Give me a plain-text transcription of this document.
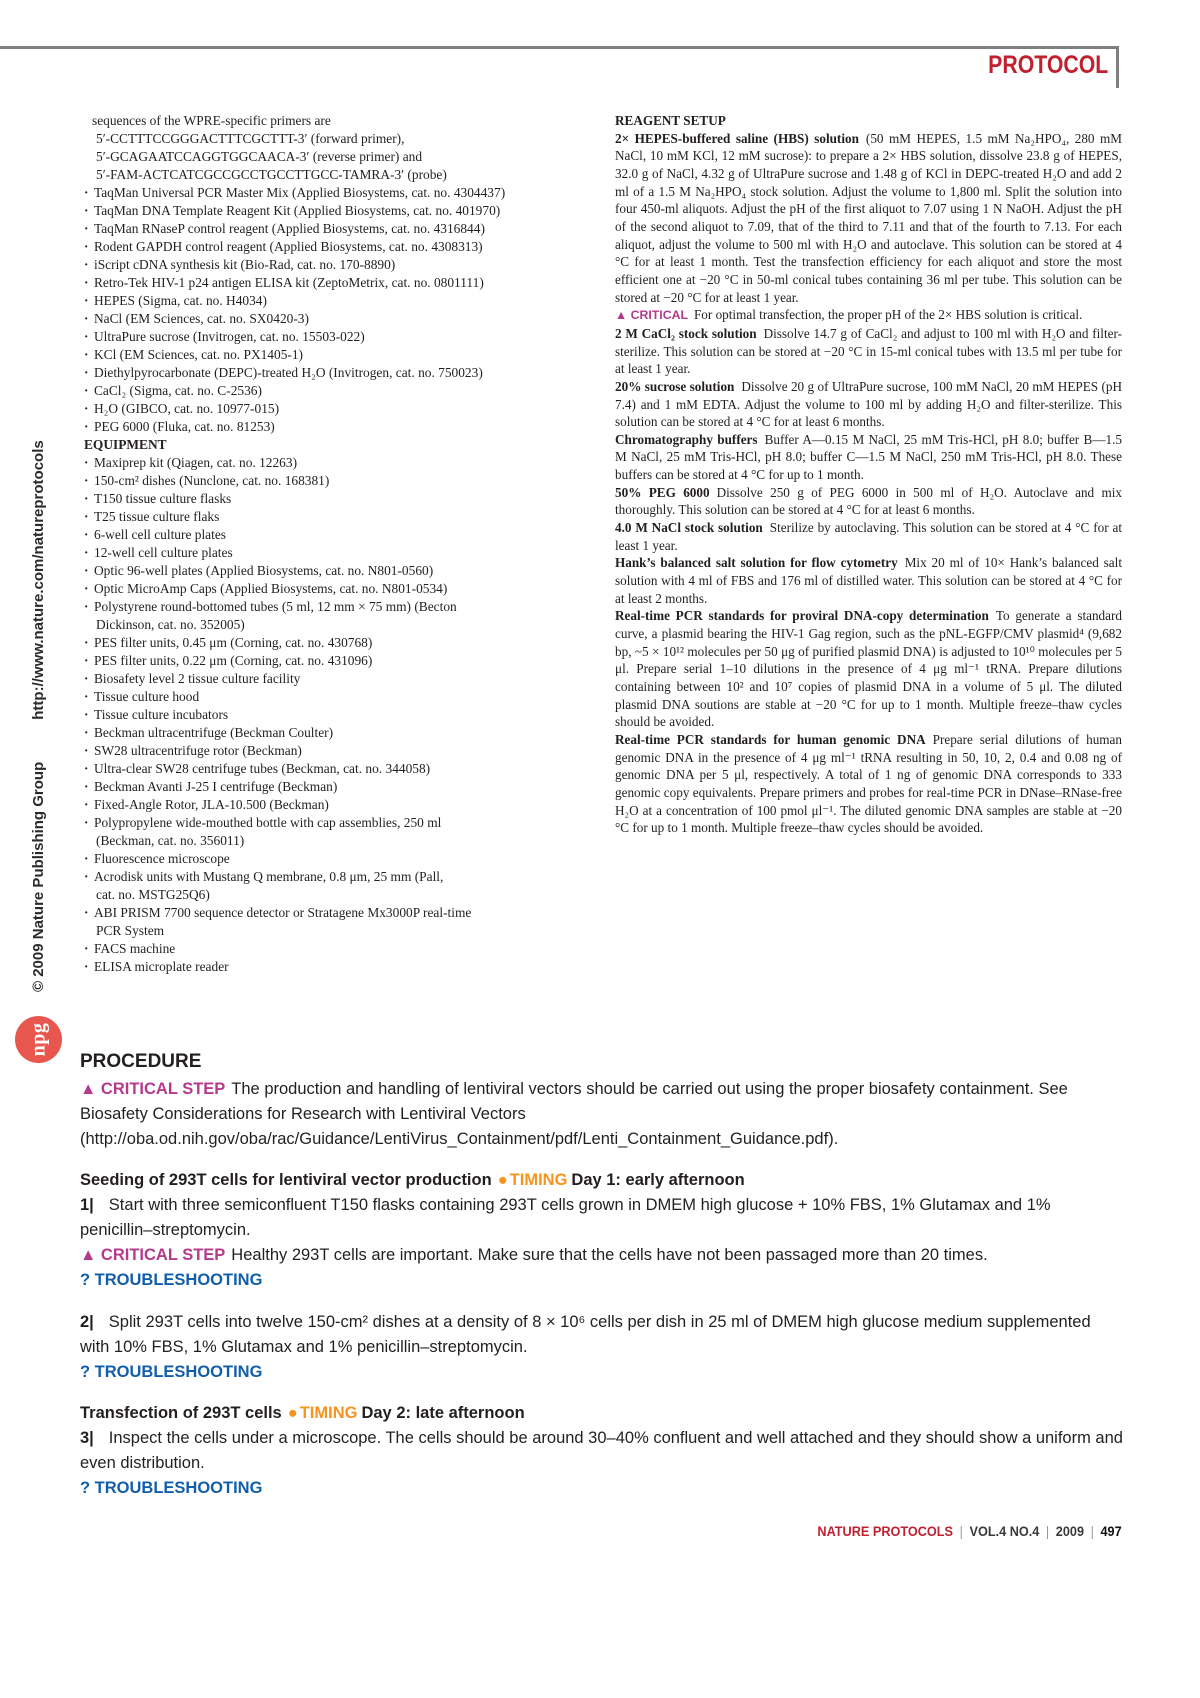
PROTOCOL
© 2009 Nature Publishing Grouphttp://www.nature.com/natureprotocols
npg
sequences of the WPRE-specific primers are
5′-CCTTTCCGGGACTTTCGCTTT-3′ (forward primer),
5′-GCAGAATCCAGGTGGCAACA-3′ (reverse primer) and
5′-FAM-ACTCATCGCCGCCTGCCTTGCC-TAMRA-3′ (probe)
· TaqMan Universal PCR Master Mix (Applied Biosystems, cat. no. 4304437)
· TaqMan DNA Template Reagent Kit (Applied Biosystems, cat. no. 401970)
· TaqMan RNaseP control reagent (Applied Biosystems, cat. no. 4316844)
· Rodent GAPDH control reagent (Applied Biosystems, cat. no. 4308313)
· iScript cDNA synthesis kit (Bio-Rad, cat. no. 170-8890)
· Retro-Tek HIV-1 p24 antigen ELISA kit (ZeptoMetrix, cat. no. 0801111)
· HEPES (Sigma, cat. no. H4034)
· NaCl (EM Sciences, cat. no. SX0420-3)
· UltraPure sucrose (Invitrogen, cat. no. 15503-022)
· KCl (EM Sciences, cat. no. PX1405-1)
· Diethylpyrocarbonate (DEPC)-treated H₂O (Invitrogen, cat. no. 750023)
· CaCl₂ (Sigma, cat. no. C-2536)
· H₂O (GIBCO, cat. no. 10977-015)
· PEG 6000 (Fluka, cat. no. 81253)
EQUIPMENT
· Maxiprep kit (Qiagen, cat. no. 12263)
· 150-cm² dishes (Nunclone, cat. no. 168381)
· T150 tissue culture flasks
· T25 tissue culture flaks
· 6-well cell culture plates
· 12-well cell culture plates
· Optic 96-well plates (Applied Biosystems, cat. no. N801-0560)
· Optic MicroAmp Caps (Applied Biosystems, cat. no. N801-0534)
· Polystyrene round-bottomed tubes (5 ml, 12 mm × 75 mm) (Becton
Dickinson, cat. no. 352005)
· PES filter units, 0.45 μm (Corning, cat. no. 430768)
· PES filter units, 0.22 μm (Corning, cat. no. 431096)
· Biosafety level 2 tissue culture facility
· Tissue culture hood
· Tissue culture incubators
· Beckman ultracentrifuge (Beckman Coulter)
· SW28 ultracentrifuge rotor (Beckman)
· Ultra-clear SW28 centrifuge tubes (Beckman, cat. no. 344058)
· Beckman Avanti J-25 I centrifuge (Beckman)
· Fixed-Angle Rotor, JLA-10.500 (Beckman)
· Polypropylene wide-mouthed bottle with cap assemblies, 250 ml
(Beckman, cat. no. 356011)
· Fluorescence microscope
· Acrodisk units with Mustang Q membrane, 0.8 μm, 25 mm (Pall,
cat. no. MSTG25Q6)
· ABI PRISM 7700 sequence detector or Stratagene Mx3000P real-time
PCR System
· FACS machine
· ELISA microplate reader
REAGENT SETUP

2× HEPES-buffered saline (HBS) solution (50 mM HEPES, 1.5 mM Na₂HPO₄, 280 mM NaCl, 10 mM KCl, 12 mM sucrose): to prepare a 2× HBS solution, dissolve 23.8 g of HEPES, 32.0 g of NaCl, 4.32 g of UltraPure sucrose and 1.48 g of KCl in DEPC-treated H₂O and add 2 ml of a 1.5 M Na₂HPO₄ stock solution. Adjust the volume to 1,800 ml. Split the solution into four 450-ml aliquots. Adjust the pH of the first aliquot to 7.07 using 1 N NaOH. Adjust the pH of the second aliquot to 7.09, that of the third to 7.11 and that of the fourth to 7.13. For each aliquot, adjust the volume to 500 ml with H₂O and autoclave. This solution can be stored at 4 °C for at least 1 month. Test the transfection efficiency for each aliquot and store the most efficient one at −20 °C in 50-ml conical tubes containing 36 ml per tube. This solution can be stored at −20 °C for at least 1 year.

▲ CRITICAL For optimal transfection, the proper pH of the 2× HBS solution is critical.

2 M CaCl₂ stock solution Dissolve 14.7 g of CaCl₂ and adjust to 100 ml with H₂O and filter-sterilize. This solution can be stored at −20 °C in 15-ml conical tubes with 13.5 ml per tube for at least 1 year.

20% sucrose solution Dissolve 20 g of UltraPure sucrose, 100 mM NaCl, 20 mM HEPES (pH 7.4) and 1 mM EDTA. Adjust the volume to 100 ml by adding H₂O and filter-sterilize. This solution can be stored at 4 °C for at least 6 months.

Chromatography buffers Buffer A—0.15 M NaCl, 25 mM Tris-HCl, pH 8.0; buffer B—1.5 M NaCl, 25 mM Tris-HCl, pH 8.0; buffer C—1.5 M NaCl, 250 mM Tris-HCl, pH 8.0. These buffers can be stored at 4 °C for up to 1 month.

50% PEG 6000 Dissolve 250 g of PEG 6000 in 500 ml of H₂O. Autoclave and mix thoroughly. This solution can be stored at 4 °C for at least 6 months.

4.0 M NaCl stock solution Sterilize by autoclaving. This solution can be stored at 4 °C for at least 1 year.

Hank’s balanced salt solution for flow cytometry Mix 20 ml of 10× Hank’s balanced salt solution with 4 ml of FBS and 176 ml of distilled water. This solution can be stored at 4 °C for at least 2 months.

Real-time PCR standards for proviral DNA-copy determination To generate a standard curve, a plasmid bearing the HIV-1 Gag region, such as the pNL-EGFP/CMV plasmid⁴ (9,682 bp, ~5 × 10¹² molecules per 50 μg of purified plasmid DNA) is adjusted to 10¹⁰ molecules per 5 μl. Prepare serial 1–10 dilutions in the presence of 4 μg ml⁻¹ tRNA. Prepare dilutions containing between 10² and 10⁷ copies of plasmid DNA in a volume of 5 μl. The diluted plasmid DNA soutions are stable at −20 °C for up to 1 month. Multiple freeze–thaw cycles should be avoided.

Real-time PCR standards for human genomic DNA Prepare serial dilutions of human genomic DNA in the presence of 4 μg ml⁻¹ tRNA resulting in 50, 10, 2, 0.4 and 0.08 ng of genomic DNA per 5 μl, respectively. A total of 1 ng of genomic DNA corresponds to 333 genomic copy equivalents. Prepare primers and probes for real-time PCR in DNase–RNase-free H₂O at a concentration of 100 pmol μl⁻¹. The diluted genomic DNA samples are stable at −20 °C for up to 1 month. Multiple freeze–thaw cycles should be avoided.

PROCEDURE

▲ CRITICAL STEP The production and handling of lentiviral vectors should be carried out using the proper biosafety containment. See Biosafety Considerations for Research with Lentiviral Vectors (http://oba.od.nih.gov/oba/rac/Guidance/LentiVirus_Containment/pdf/Lenti_Containment_Guidance.pdf).

Seeding of 293T cells for lentiviral vector production ● TIMING Day 1: early afternoon

1| Start with three semiconfluent T150 flasks containing 293T cells grown in DMEM high glucose + 10% FBS, 1% Glutamax and 1% penicillin–streptomycin.

▲ CRITICAL STEP Healthy 293T cells are important. Make sure that the cells have not been passaged more than 20 times.

? TROUBLESHOOTING

2| Split 293T cells into twelve 150-cm² dishes at a density of 8 × 10⁶ cells per dish in 25 ml of DMEM high glucose medium supplemented with 10% FBS, 1% Glutamax and 1% penicillin–streptomycin.

? TROUBLESHOOTING

Transfection of 293T cells ● TIMING Day 2: late afternoon

3| Inspect the cells under a microscope. The cells should be around 30–40% confluent and well attached and they should show a uniform and even distribution.

? TROUBLESHOOTING

NATURE PROTOCOLS | VOL.4 NO.4 | 2009 | 497
